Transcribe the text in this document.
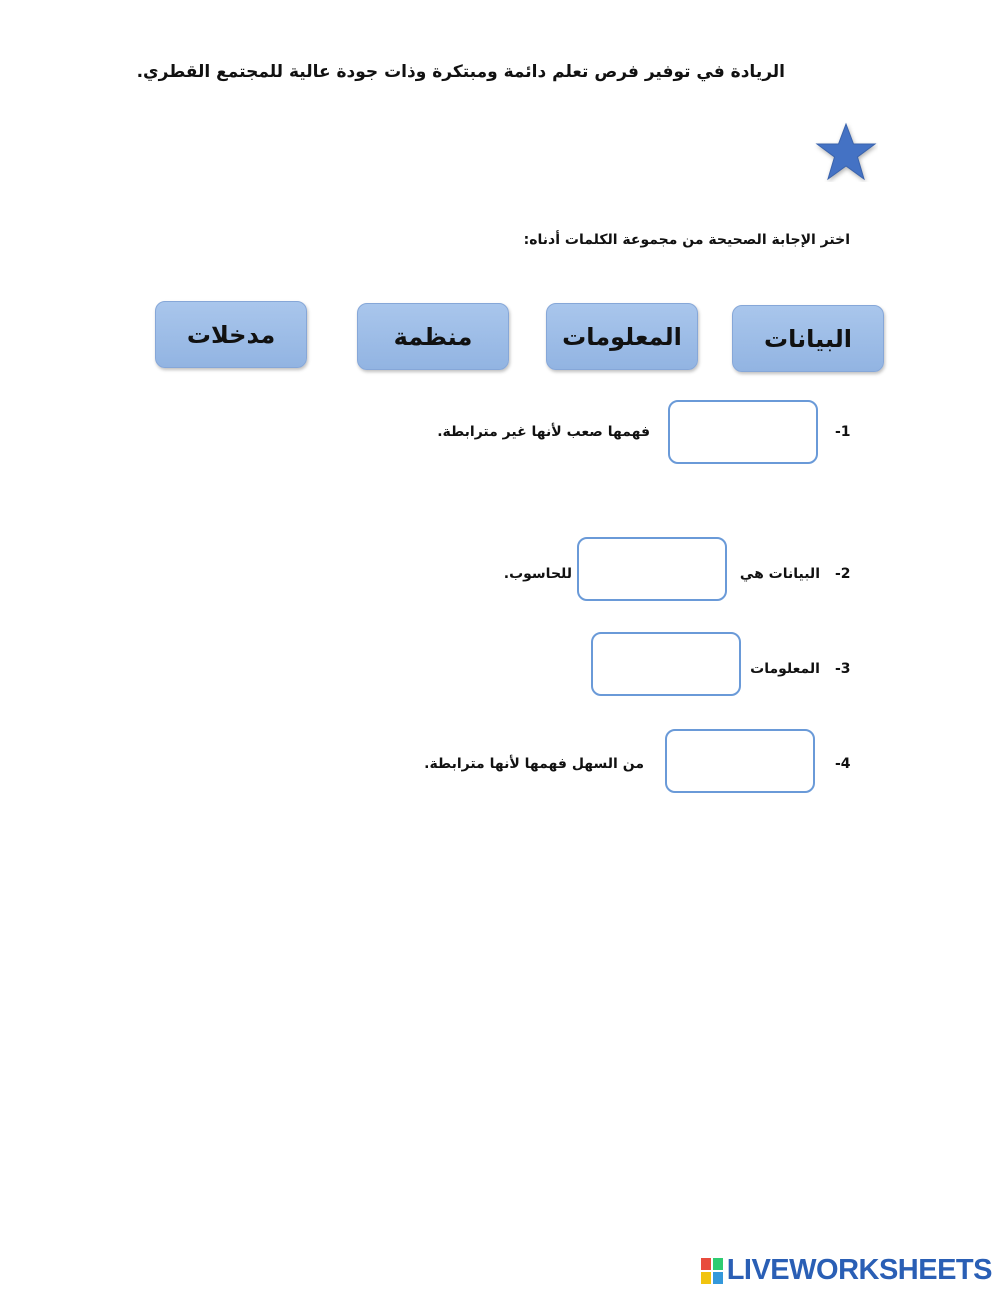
الريادة في توفير فرص تعلم دائمة ومبتكرة وذات جودة عالية للمجتمع القطري.
اختر الإجابة الصحيحة من مجموعة الكلمات أدناه:
البيانات
المعلومات
منظمة
مدخلات
-1
فهمها صعب لأنها غير مترابطة.
-2
البيانات هي
للحاسوب.
-3
المعلومات
-4
من السهل فهمها لأنها مترابطة.
LIVEWORKSHEETS
